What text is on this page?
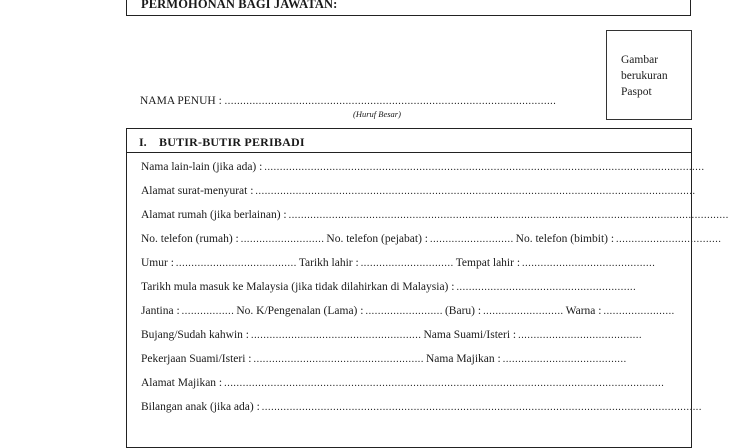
PERMOHONAN BAGI JAWATAN:
Gambar
berukuran
Paspot
NAMA PENUH : ...........................................................................................................
(Huruf Besar)
I. BUTIR-BUTIR PERIBADI
Nama lain-lain (jika ada) : ..............................................................................................................................................
Alamat surat-menyurat : ..............................................................................................................................................
Alamat rumah (jika berlainan) : ..............................................................................................................................................
No. telefon (rumah) : ........................... No. telefon (pejabat) : ........................... No. telefon (bimbit) : ..................................
Umur : ....................................... Tarikh lahir : .............................. Tempat lahir : ...........................................
Tarikh mula masuk ke Malaysia (jika tidak dilahirkan di Malaysia) : ..........................................................
Jantina : ................. No. K/Pengenalan (Lama) : ......................... (Baru) : .......................... Warna : .......................
Bujang/Sudah kahwin : ....................................................... Nama Suami/Isteri : ........................................
Pekerjaan Suami/Isteri : ....................................................... Nama Majikan : ........................................
Alamat Majikan : ..............................................................................................................................................
Bilangan anak (jika ada) : ..............................................................................................................................................
